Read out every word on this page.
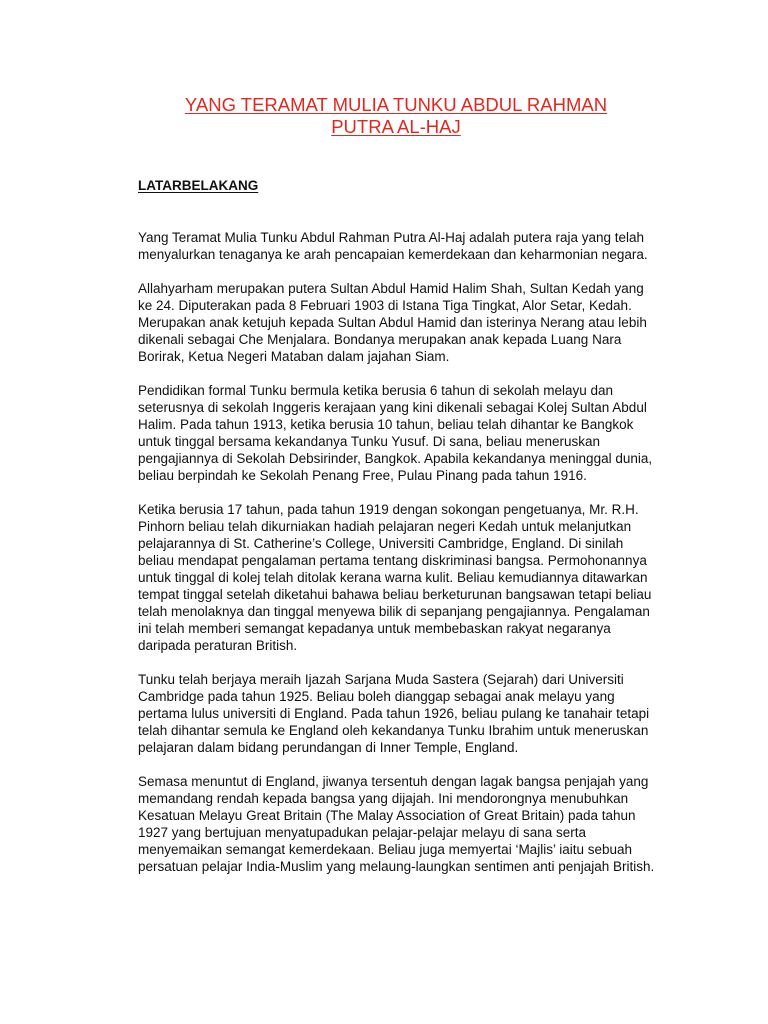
YANG TERAMAT MULIA TUNKU ABDUL RAHMAN
PUTRA AL-HAJ
LATARBELAKANG

Yang Teramat Mulia Tunku Abdul Rahman Putra Al-Haj adalah putera raja yang telah
menyalurkan tenaganya ke arah pencapaian kemerdekaan dan keharmonian negara.

Allahyarham merupakan putera Sultan Abdul Hamid Halim Shah, Sultan Kedah yang
ke 24. Diputerakan pada 8 Februari 1903 di Istana Tiga Tingkat, Alor Setar, Kedah.
Merupakan anak ketujuh kepada Sultan Abdul Hamid dan isterinya Nerang atau lebih
dikenali sebagai Che Menjalara. Bondanya merupakan anak kepada Luang Nara
Borirak, Ketua Negeri Mataban dalam jajahan Siam.

Pendidikan formal Tunku bermula ketika berusia 6 tahun di sekolah melayu dan
seterusnya di sekolah Inggeris kerajaan yang kini dikenali sebagai Kolej Sultan Abdul
Halim. Pada tahun 1913, ketika berusia 10 tahun, beliau telah dihantar ke Bangkok
untuk tinggal bersama kekandanya Tunku Yusuf. Di sana, beliau meneruskan
pengajiannya di Sekolah Debsirinder, Bangkok. Apabila kekandanya meninggal dunia,
beliau berpindah ke Sekolah Penang Free, Pulau Pinang pada tahun 1916.

Ketika berusia 17 tahun, pada tahun 1919 dengan sokongan pengetuanya, Mr. R.H.
Pinhorn beliau telah dikurniakan hadiah pelajaran negeri Kedah untuk melanjutkan
pelajarannya di St. Catherine’s College, Universiti Cambridge, England. Di sinilah
beliau mendapat pengalaman pertama tentang diskriminasi bangsa. Permohonannya
untuk tinggal di kolej telah ditolak kerana warna kulit. Beliau kemudiannya ditawarkan
tempat tinggal setelah diketahui bahawa beliau berketurunan bangsawan tetapi beliau
telah menolaknya dan tinggal menyewa bilik di sepanjang pengajiannya. Pengalaman
ini telah memberi semangat kepadanya untuk membebaskan rakyat negaranya
daripada peraturan British.

Tunku telah berjaya meraih Ijazah Sarjana Muda Sastera (Sejarah) dari Universiti
Cambridge pada tahun 1925. Beliau boleh dianggap sebagai anak melayu yang
pertama lulus universiti di England. Pada tahun 1926, beliau pulang ke tanahair tetapi
telah dihantar semula ke England oleh kekandanya Tunku Ibrahim untuk meneruskan
pelajaran dalam bidang perundangan di Inner Temple, England.

Semasa menuntut di England, jiwanya tersentuh dengan lagak bangsa penjajah yang
memandang rendah kepada bangsa yang dijajah. Ini mendorongnya menubuhkan
Kesatuan Melayu Great Britain (The Malay Association of Great Britain) pada tahun
1927 yang bertujuan menyatupadukan pelajar-pelajar melayu di sana serta
menyemaikan semangat kemerdekaan. Beliau juga memyertai ‘Majlis’ iaitu sebuah
persatuan pelajar India-Muslim yang melaung-laungkan sentimen anti penjajah British.
